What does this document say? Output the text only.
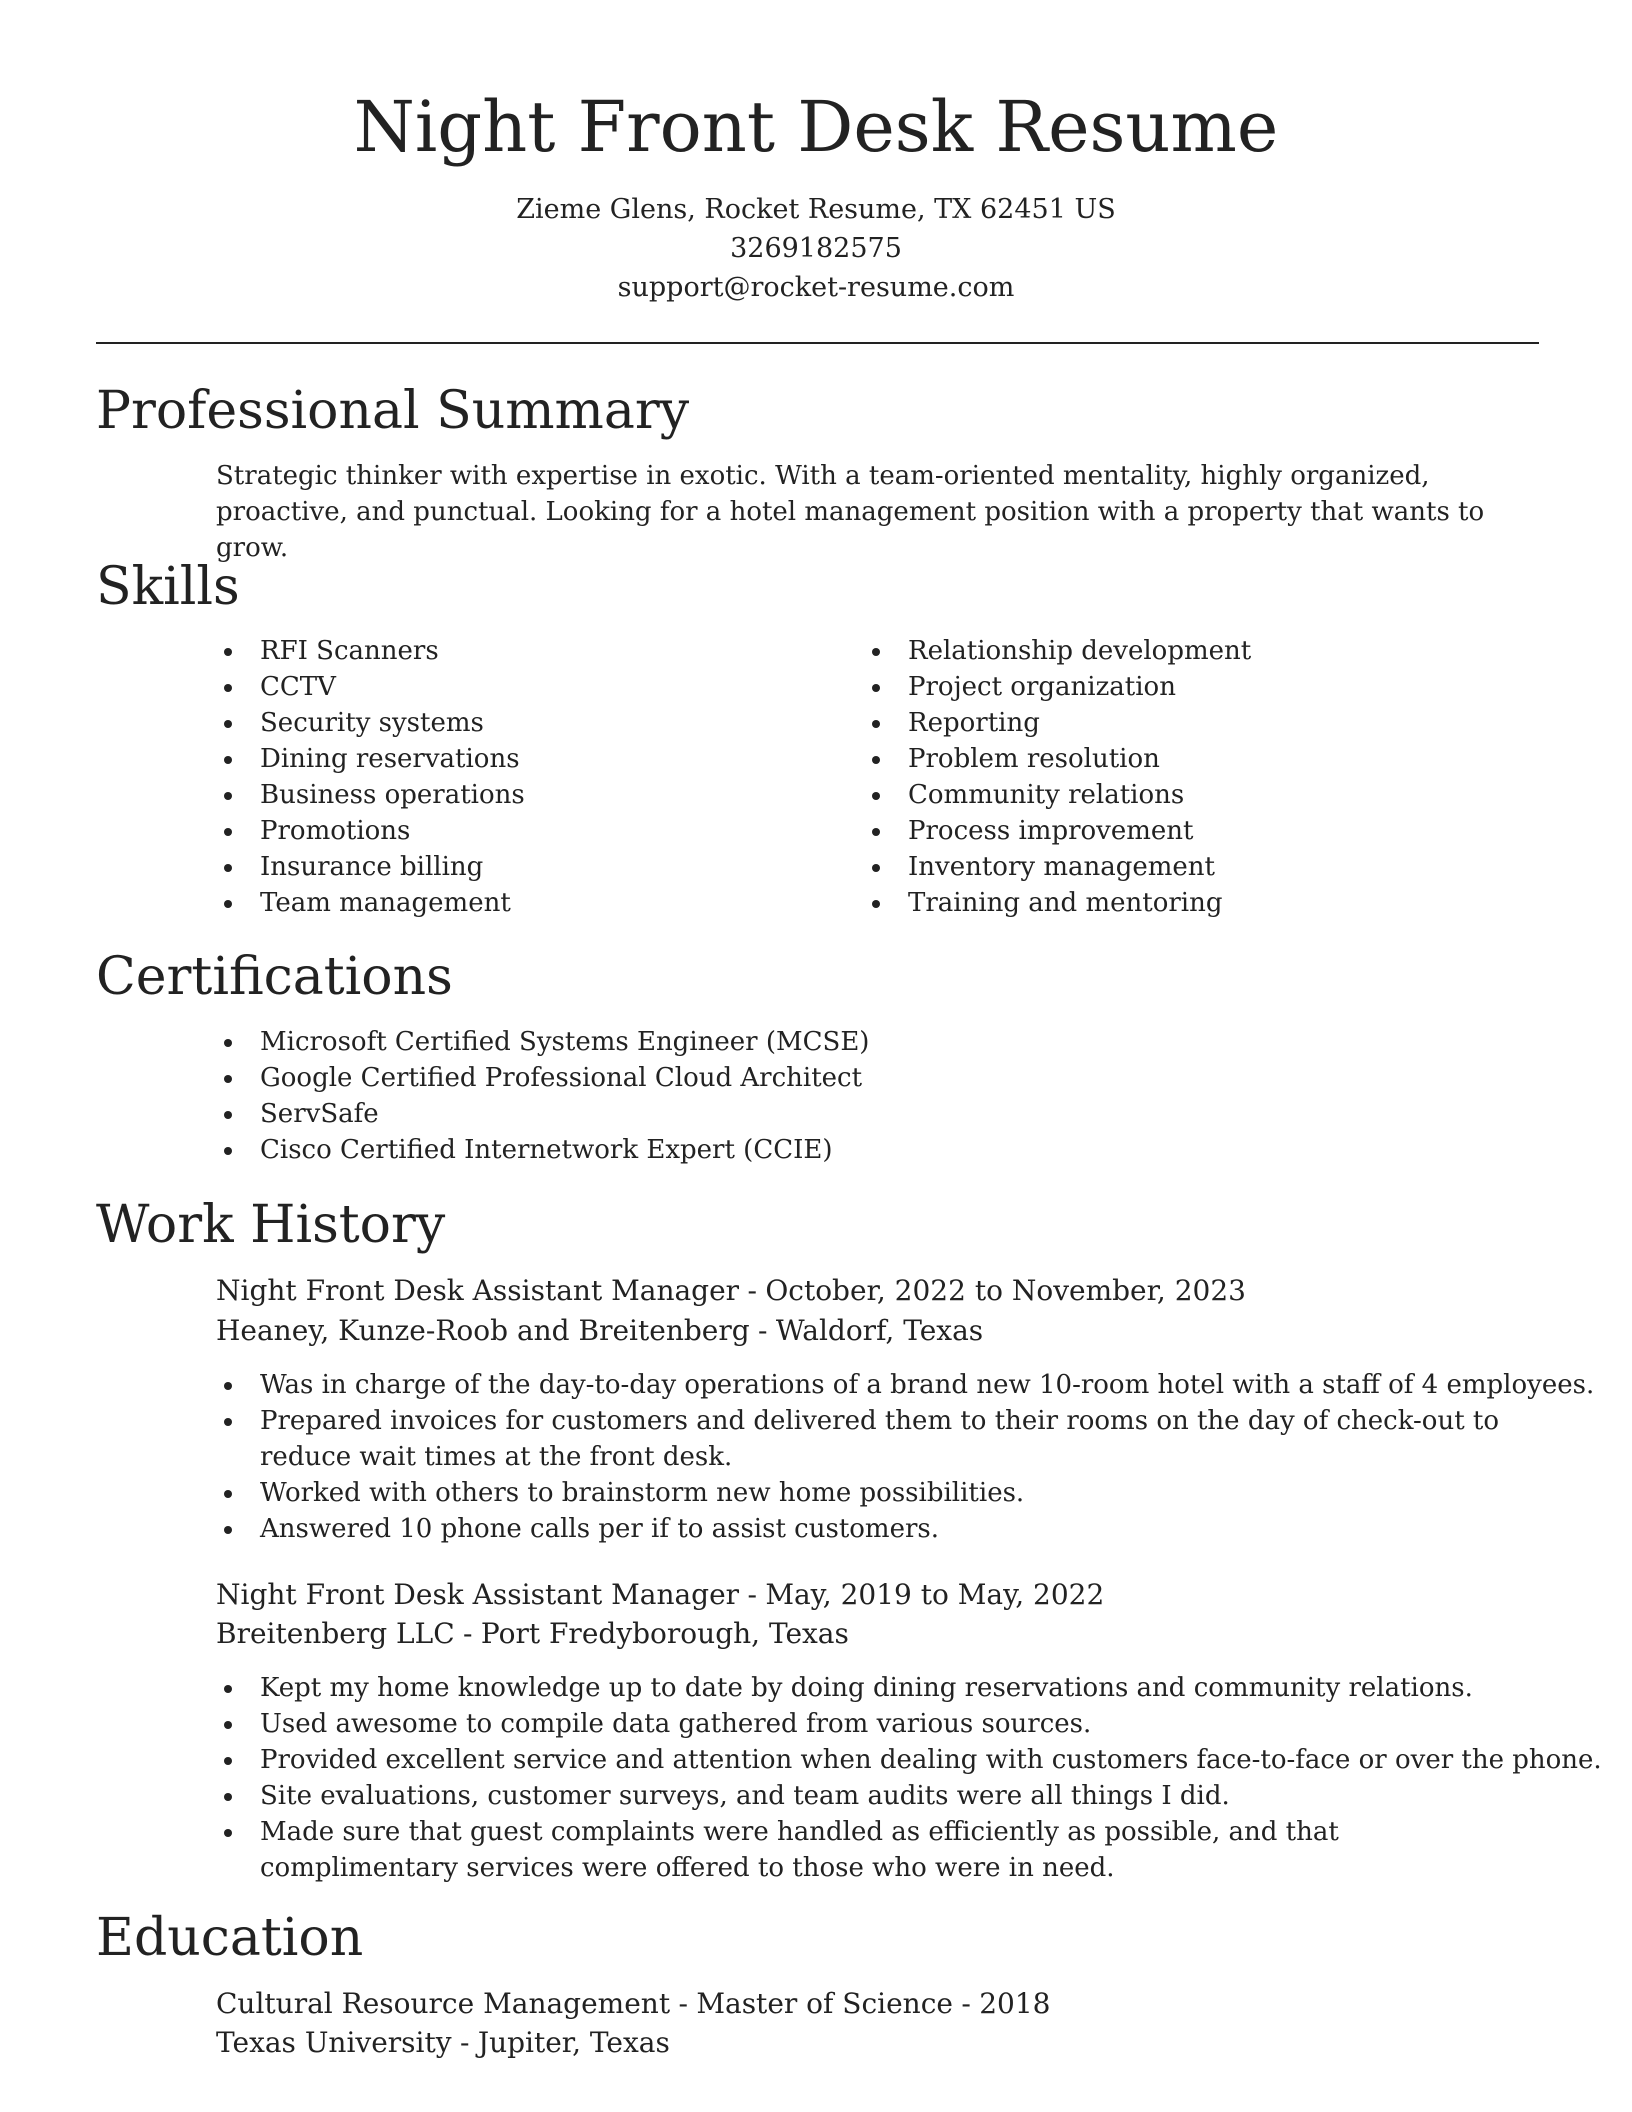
Night Front Desk Resume
Zieme Glens, Rocket Resume, TX 62451 US
3269182575
support@rocket-resume.com
Professional Summary

Strategic thinker with expertise in exotic. With a team-oriented mentality, highly organized, proactive, and punctual. Looking for a hotel management position with a property that wants to grow.

Skills
RFI Scanners
CCTV
Security systems
Dining reservations
Business operations
Promotions
Insurance billing
Team management
Relationship development
Project organization
Reporting
Problem resolution
Community relations
Process improvement
Inventory management
Training and mentoring
Certifications
Microsoft Certified Systems Engineer (MCSE)
Google Certified Professional Cloud Architect
ServSafe
Cisco Certified Internetwork Expert (CCIE)
Work History
Night Front Desk Assistant Manager - October, 2022 to November, 2023
Heaney, Kunze-Roob and Breitenberg - Waldorf, Texas
Was in charge of the day-to-day operations of a brand new 10-room hotel with a staff of 4 employees.
Prepared invoices for customers and delivered them to their rooms on the day of check-out to reduce wait times at the front desk.
Worked with others to brainstorm new home possibilities.
Answered 10 phone calls per if to assist customers.
Night Front Desk Assistant Manager - May, 2019 to May, 2022
Breitenberg LLC - Port Fredyborough, Texas
Kept my home knowledge up to date by doing dining reservations and community relations.
Used awesome to compile data gathered from various sources.
Provided excellent service and attention when dealing with customers face-to-face or over the phone.
Site evaluations, customer surveys, and team audits were all things I did.
Made sure that guest complaints were handled as efficiently as possible, and that complimentary services were offered to those who were in need.
Education
Cultural Resource Management - Master of Science - 2018
Texas University - Jupiter, Texas
